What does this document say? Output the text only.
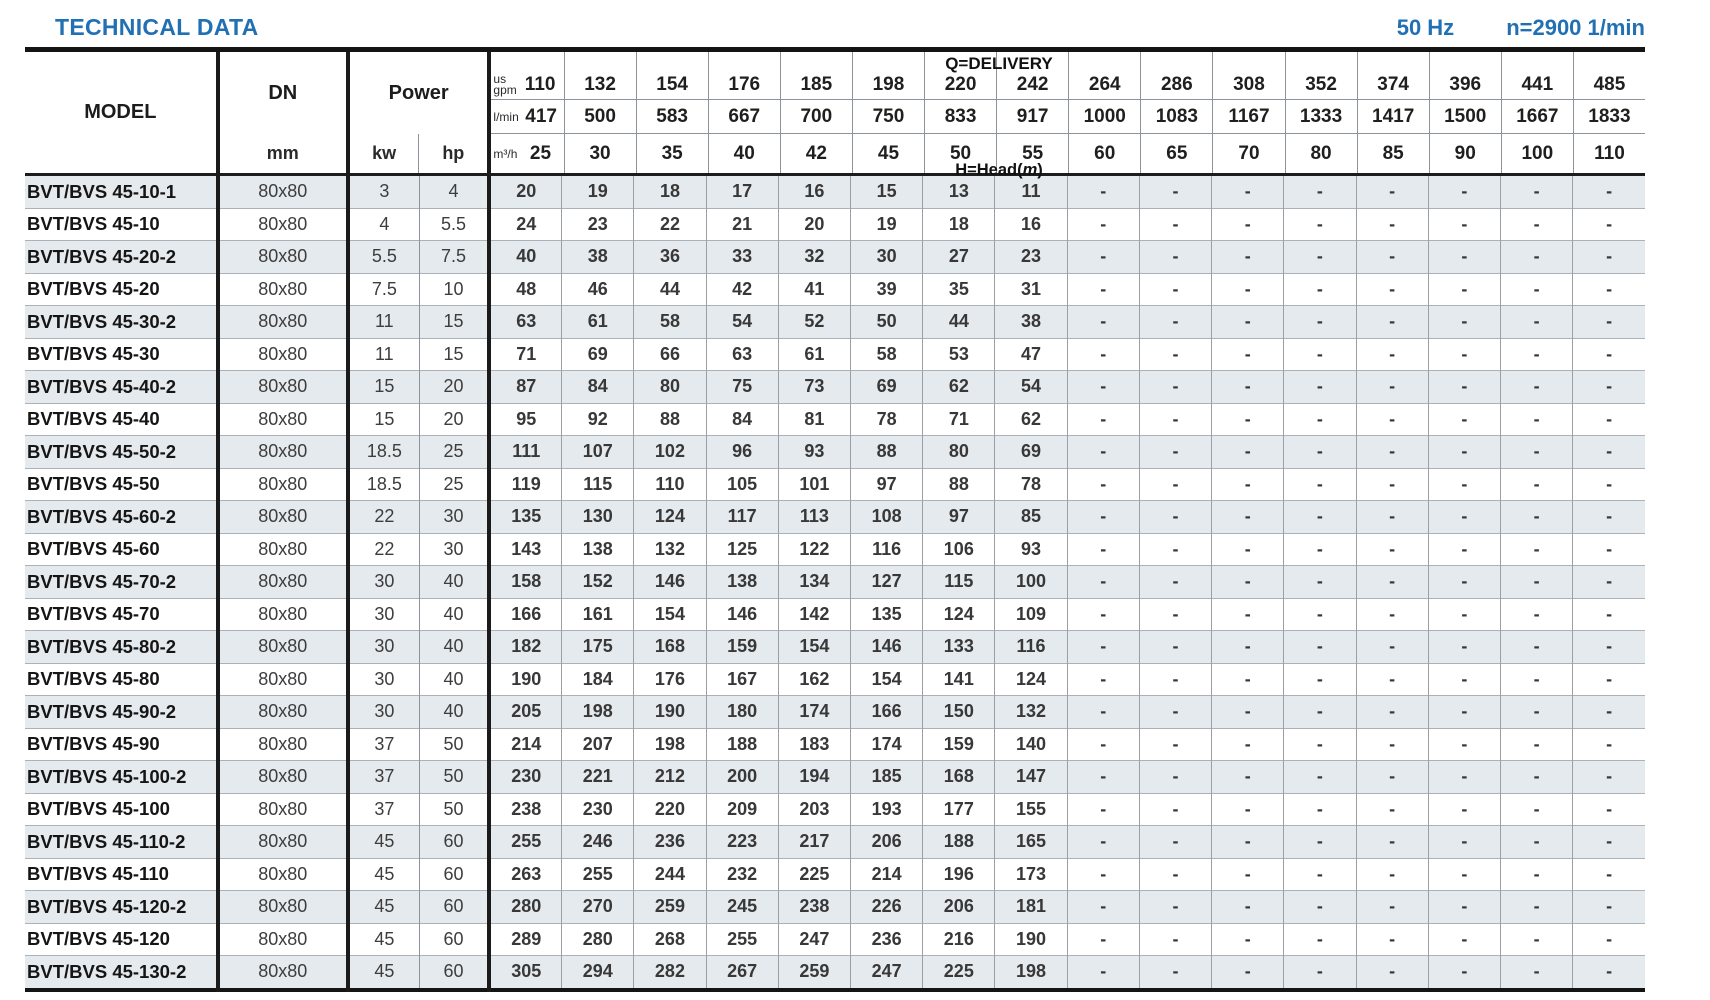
TECHNICAL DATA	50 Hz n=2900 1/min
MODEL	
DN
mm

Power
kw	hp

Q=DELIVERY
us
gpm 110	132 154 176 185 198 220 242 264 286 308 352 374 396 441 485
l/min 417	500 583 667 700 750 833 917 1000 1083 1167 1333 1417 1500 1667 1833
m³/h 25	30	35	40	42	45	50	55	60	65	70	80	85	90 100 110
H=Head(m)

BVT/BVS 45-10-1	80x80	3	4	20	19	18	17	16	15	13	11	-	-	-	-	-	-	-	-
BVT/BVS 45-10	80x80	4	5.5	24	23	22	21	20	19	18	16	-	-	-	-	-	-	-	-
BVT/BVS 45-20-2	80x80	5.5	7.5	40	38	36	33	32	30	27	23	-	-	-	-	-	-	-	-
BVT/BVS 45-20	80x80	7.5	10	48	46	44	42	41	39	35	31	-	-	-	-	-	-	-	-
BVT/BVS 45-30-2	80x80	11	15	63	61	58	54	52	50	44	38	-	-	-	-	-	-	-	-
BVT/BVS 45-30	80x80	11	15	71	69	66	63	61	58	53	47	-	-	-	-	-	-	-	-
BVT/BVS 45-40-2	80x80	15	20	87	84	80	75	73	69	62	54	-	-	-	-	-	-	-	-
BVT/BVS 45-40	80x80	15	20	95	92	88	84	81	78	71	62	-	-	-	-	-	-	-	-
BVT/BVS 45-50-2	80x80	18.5	25	111	107	102	96	93	88	80	69	-	-	-	-	-	-	-	-
BVT/BVS 45-50	80x80	18.5	25	119	115	110	105	101	97	88	78	-	-	-	-	-	-	-	-
BVT/BVS 45-60-2	80x80	22	30	135	130	124	117	113	108	97	85	-	-	-	-	-	-	-	-
BVT/BVS 45-60	80x80	22	30	143	138	132	125	122	116	106	93	-	-	-	-	-	-	-	-
BVT/BVS 45-70-2	80x80	30	40	158	152	146	138	134	127	115	100	-	-	-	-	-	-	-	-
BVT/BVS 45-70	80x80	30	40	166	161	154	146	142	135	124	109	-	-	-	-	-	-	-	-
BVT/BVS 45-80-2	80x80	30	40	182	175	168	159	154	146	133	116	-	-	-	-	-	-	-	-
BVT/BVS 45-80	80x80	30	40	190	184	176	167	162	154	141	124	-	-	-	-	-	-	-	-
BVT/BVS 45-90-2	80x80	30	40	205	198	190	180	174	166	150	132	-	-	-	-	-	-	-	-
BVT/BVS 45-90	80x80	37	50	214	207	198	188	183	174	159	140	-	-	-	-	-	-	-	-
BVT/BVS 45-100-2	80x80	37	50	230	221	212	200	194	185	168	147	-	-	-	-	-	-	-	-
BVT/BVS 45-100	80x80	37	50	238	230	220	209	203	193	177	155	-	-	-	-	-	-	-	-
BVT/BVS 45-110-2	80x80	45	60	255	246	236	223	217	206	188	165	-	-	-	-	-	-	-	-
BVT/BVS 45-110	80x80	45	60	263	255	244	232	225	214	196	173	-	-	-	-	-	-	-	-
BVT/BVS 45-120-2	80x80	45	60	280	270	259	245	238	226	206	181	-	-	-	-	-	-	-	-
BVT/BVS 45-120	80x80	45	60	289	280	268	255	247	236	216	190	-	-	-	-	-	-	-	-
BVT/BVS 45-130-2	80x80	45	60	305	294	282	267	259	247	225	198	-	-	-	-	-	-	-	-
